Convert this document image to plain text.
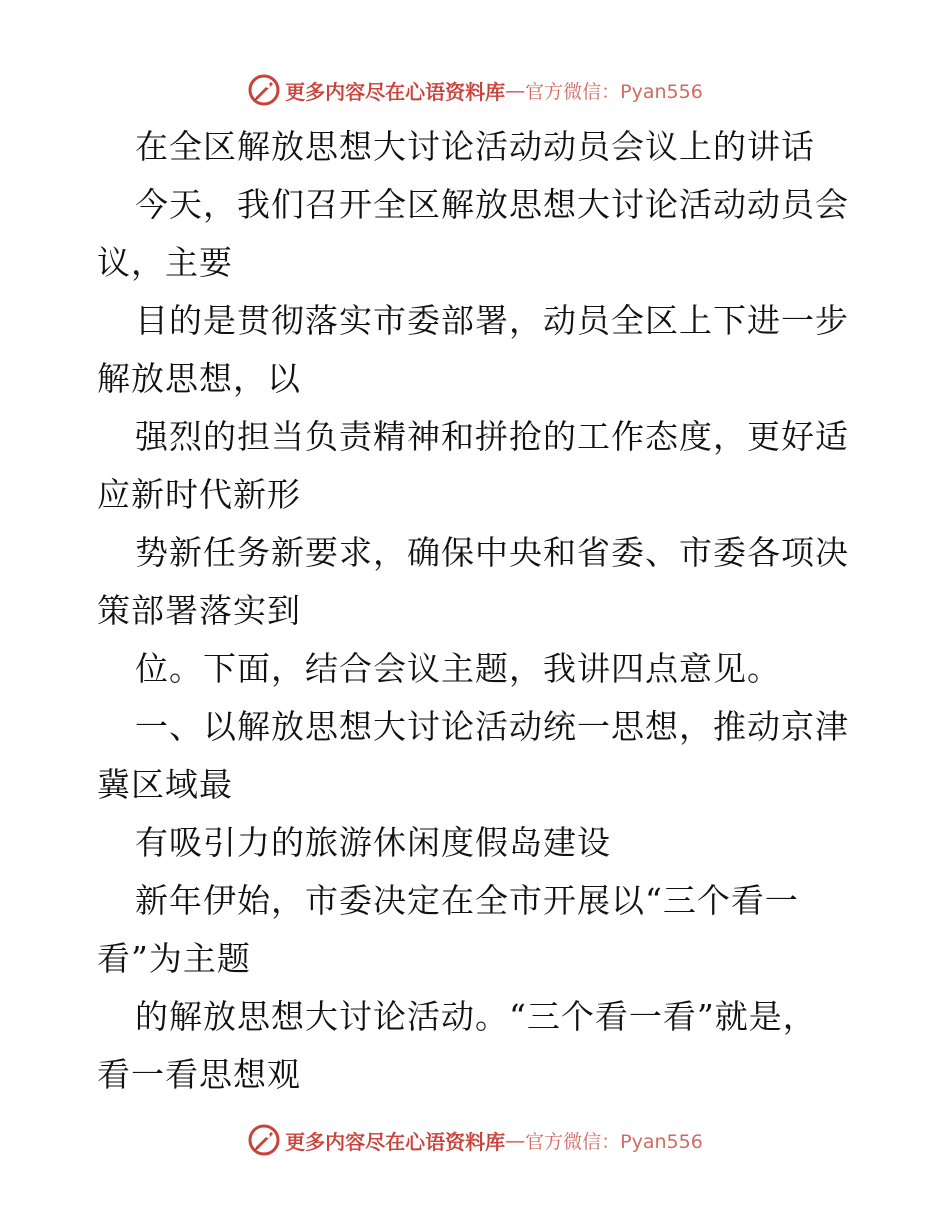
更多内容尽在心语资料库 — 官方微信：Pyan556
在全区解放思想大讨论活动动员会议上的讲话
今天，我们召开全区解放思想大讨论活动动员会
议，主要
目的是贯彻落实市委部署，动员全区上下进一步
解放思想，以
强烈的担当负责精神和拼抢的工作态度，更好适
应新时代新形
势新任务新要求，确保中央和省委、市委各项决
策部署落实到
位。下面，结合会议主题，我讲四点意见。
一、以解放思想大讨论活动统一思想，推动京津
冀区域最
有吸引力的旅游休闲度假岛建设
新年伊始，市委决定在全市开展以“三个看一
看”为主题
的解放思想大讨论活动。“三个看一看”就是，
看一看思想观
更多内容尽在心语资料库 — 官方微信：Pyan556
